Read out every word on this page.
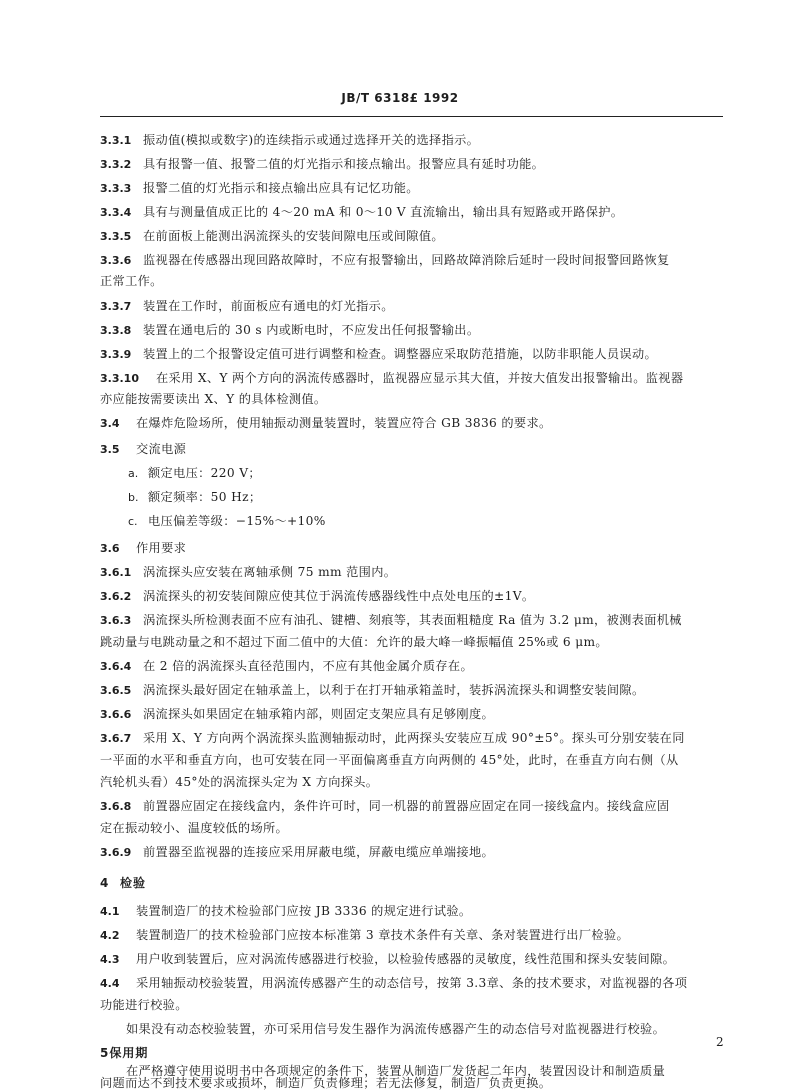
JB/T 6318£ 1992
3.3.1 振动值(模拟或数字)的连续指示或通过选择开关的选择指示。
3.3.2 具有报警一值、报警二值的灯光指示和接点输出。报警应具有延时功能。
3.3.3 报警二值的灯光指示和接点输出应具有记忆功能。
3.3.4 具有与测量值成正比的 4～20 mA 和 0～10 V 直流输出，输出具有短路或开路保护。
3.3.5 在前面板上能测出涡流探头的安装间隙电压或间隙值。
3.3.6 监视器在传感器出现回路故障时，不应有报警输出，回路故障消除后延时一段时间报警回路恢复
正常工作。
3.3.7 装置在工作时，前面板应有通电的灯光指示。
3.3.8 装置在通电后的 30 s 内或断电时，不应发出任何报警输出。
3.3.9 装置上的二个报警设定值可进行调整和检查。调整器应采取防范措施，以防非职能人员误动。
3.3.10 在采用 X、Y 两个方向的涡流传感器时，监视器应显示其大值，并按大值发出报警输出。监视器
亦应能按需要读出 X、Y 的具体检测值。
3.4 在爆炸危险场所，使用轴振动测量装置时，装置应符合 GB 3836 的要求。
3.5 交流电源
a. 额定电压：220 V；
b. 额定频率：50 Hz；
c. 电压偏差等级：−15%～+10%
3.6 作用要求
3.6.1 涡流探头应安装在离轴承侧 75 mm 范围内。
3.6.2 涡流探头的初安装间隙应使其位于涡流传感器线性中点处电压的±1V。
3.6.3 涡流探头所检测表面不应有油孔、键槽、刻痕等，其表面粗糙度 Ra 值为 3.2 μm，被测表面机械
跳动量与电跳动量之和不超过下面二值中的大值：允许的最大峰一峰振幅值 25%或 6 μm。
3.6.4 在 2 倍的涡流探头直径范围内，不应有其他金属介质存在。
3.6.5 涡流探头最好固定在轴承盖上，以利于在打开轴承箱盖时，装拆涡流探头和调整安装间隙。
3.6.6 涡流探头如果固定在轴承箱内部，则固定支架应具有足够刚度。
3.6.7 采用 X、Y 方向两个涡流探头监测轴振动时，此两探头安装应互成 90°±5°。探头可分别安装在同
一平面的水平和垂直方向，也可安装在同一平面偏离垂直方向两侧的 45°处，此时，在垂直方向右侧（从
汽轮机头看）45°处的涡流探头定为 X 方向探头。
3.6.8 前置器应固定在接线盒内，条件许可时，同一机器的前置器应固定在同一接线盒内。接线盒应固
定在振动较小、温度较低的场所。
3.6.9 前置器至监视器的连接应采用屏蔽电缆，屏蔽电缆应单端接地。
4 检验
4.1 装置制造厂的技术检验部门应按 JB 3336 的规定进行试验。
4.2 装置制造厂的技术检验部门应按本标准第 3 章技术条件有关章、条对装置进行出厂检验。
4.3 用户收到装置后，应对涡流传感器进行校验，以检验传感器的灵敏度，线性范围和探头安装间隙。
4.4 采用轴振动校验装置，用涡流传感器产生的动态信号，按第 3.3章、条的技术要求，对监视器的各项
功能进行校验。
如果没有动态校验装置，亦可采用信号发生器作为涡流传感器产生的动态信号对监视器进行校验。
5保用期
2
在严格遵守使用说明书中各项规定的条件下，装置从制造厂发货起二年内，装置因设计和制造质量
问题而达不到技术要求或损坏，制造厂负责修理；若无法修复，制造厂负责更换。
